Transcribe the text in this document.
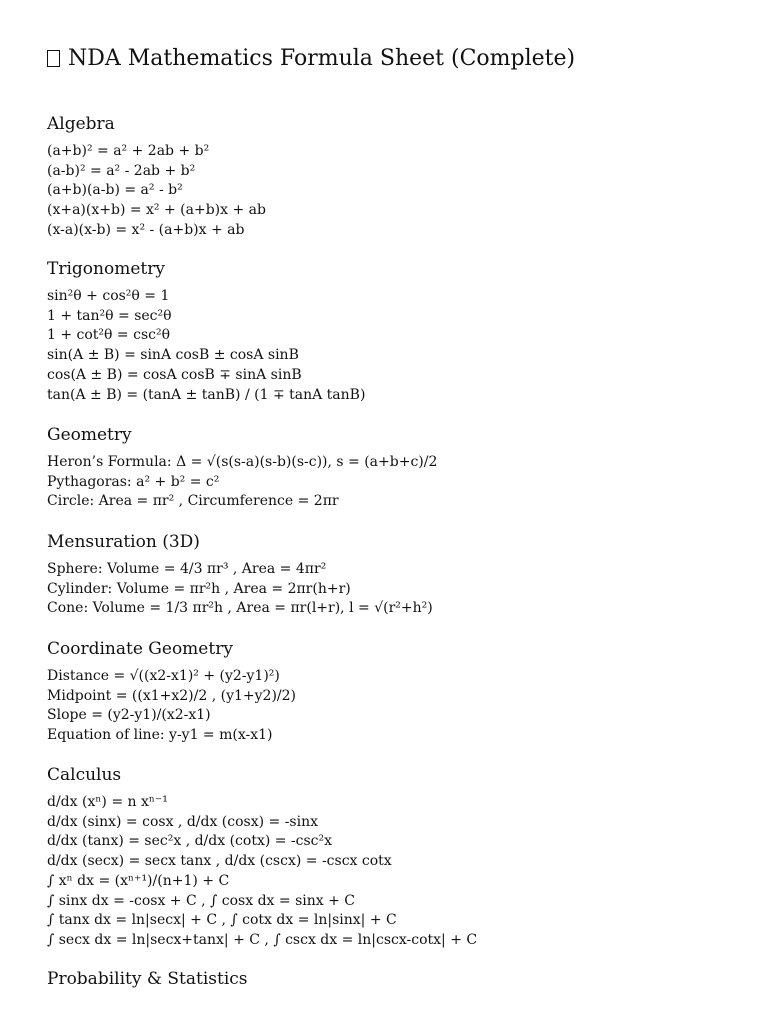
NDA Mathematics Formula Sheet (Complete)
Algebra
(a+b)² = a² + 2ab + b²
(a-b)² = a² - 2ab + b²
(a+b)(a-b) = a² - b²
(x+a)(x+b) = x² + (a+b)x + ab
(x-a)(x-b) = x² - (a+b)x + ab
Trigonometry
sin²θ + cos²θ = 1
1 + tan²θ = sec²θ
1 + cot²θ = csc²θ
sin(A ± B) = sinA cosB ± cosA sinB
cos(A ± B) = cosA cosB ∓ sinA sinB
tan(A ± B) = (tanA ± tanB) / (1 ∓ tanA tanB)
Geometry
Heron’s Formula: Δ = √(s(s-a)(s-b)(s-c)), s = (a+b+c)/2
Pythagoras: a² + b² = c²
Circle: Area = πr² , Circumference = 2πr
Mensuration (3D)
Sphere: Volume = 4/3 πr³ , Area = 4πr²
Cylinder: Volume = πr²h , Area = 2πr(h+r)
Cone: Volume = 1/3 πr²h , Area = πr(l+r), l = √(r²+h²)
Coordinate Geometry
Distance = √((x2-x1)² + (y2-y1)²)
Midpoint = ((x1+x2)/2 , (y1+y2)/2)
Slope = (y2-y1)/(x2-x1)
Equation of line: y-y1 = m(x-x1)
Calculus
d/dx (xⁿ) = n xⁿ⁻¹
d/dx (sinx) = cosx , d/dx (cosx) = -sinx
d/dx (tanx) = sec²x , d/dx (cotx) = -csc²x
d/dx (secx) = secx tanx , d/dx (cscx) = -cscx cotx
∫ xⁿ dx = (xⁿ⁺¹)/(n+1) + C
∫ sinx dx = -cosx + C , ∫ cosx dx = sinx + C
∫ tanx dx = ln|secx| + C , ∫ cotx dx = ln|sinx| + C
∫ secx dx = ln|secx+tanx| + C , ∫ cscx dx = ln|cscx-cotx| + C
Probability & Statistics
